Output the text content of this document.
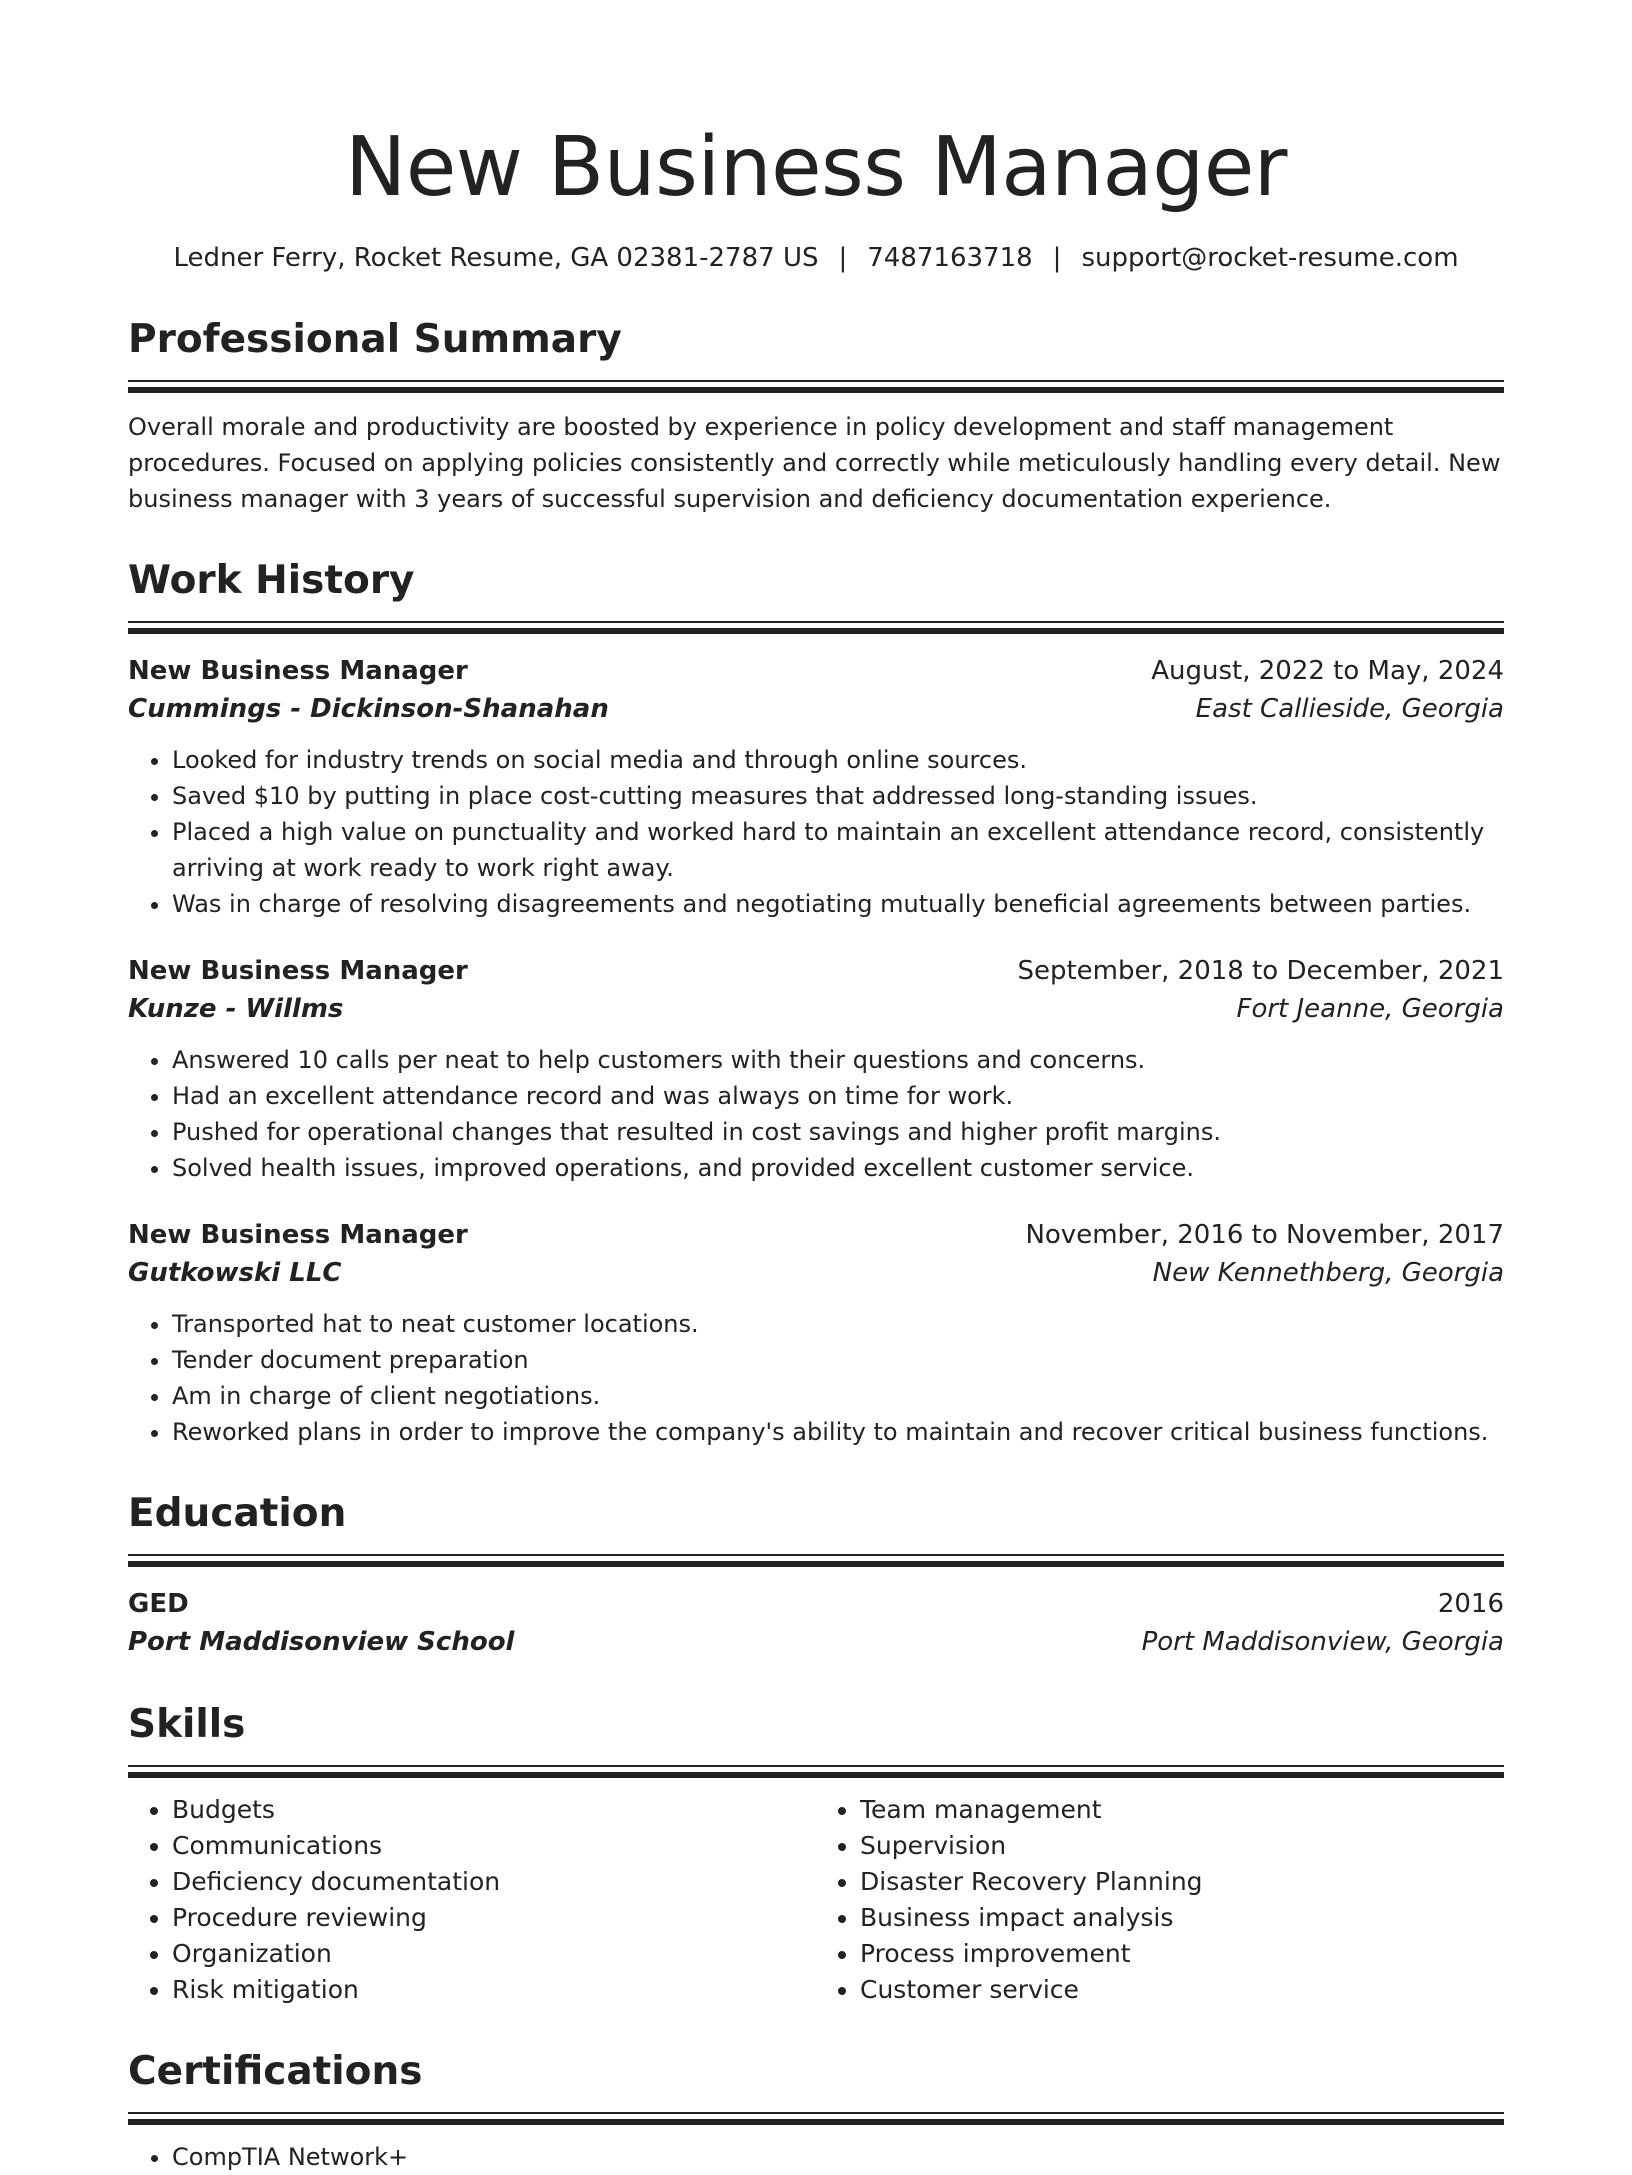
New Business Manager
Ledner Ferry, Rocket Resume, GA 02381-2787 US | 7487163718 | support@rocket-resume.com
Professional Summary

Overall morale and productivity are boosted by experience in policy development and staff management procedures. Focused on applying policies consistently and correctly while meticulously handling every detail. New business manager with 3 years of successful supervision and deficiency documentation experience.

Work History
New Business Manager	August, 2022 to May, 2024
Cummings - Dickinson-Shanahan	East Callieside, Georgia
• Looked for industry trends on social media and through online sources.
• Saved $10 by putting in place cost-cutting measures that addressed long-standing issues.
• Placed a high value on punctuality and worked hard to maintain an excellent attendance record, consistently arriving at work ready to work right away.
• Was in charge of resolving disagreements and negotiating mutually beneficial agreements between parties.
New Business Manager	September, 2018 to December, 2021
Kunze - Willms	Fort Jeanne, Georgia
• Answered 10 calls per neat to help customers with their questions and concerns.
• Had an excellent attendance record and was always on time for work.
• Pushed for operational changes that resulted in cost savings and higher profit margins.
• Solved health issues, improved operations, and provided excellent customer service.
New Business Manager	November, 2016 to November, 2017
Gutkowski LLC	New Kennethberg, Georgia
• Transported hat to neat customer locations.
• Tender document preparation
• Am in charge of client negotiations.
• Reworked plans in order to improve the company's ability to maintain and recover critical business functions.
Education
GED	2016
Port Maddisonview School	Port Maddisonview, Georgia
Skills
• Budgets
• Communications
• Deficiency documentation
• Procedure reviewing
• Organization
• Risk mitigation
• Team management
• Supervision
• Disaster Recovery Planning
• Business impact analysis
• Process improvement
• Customer service
Certifications
• CompTIA Network+
